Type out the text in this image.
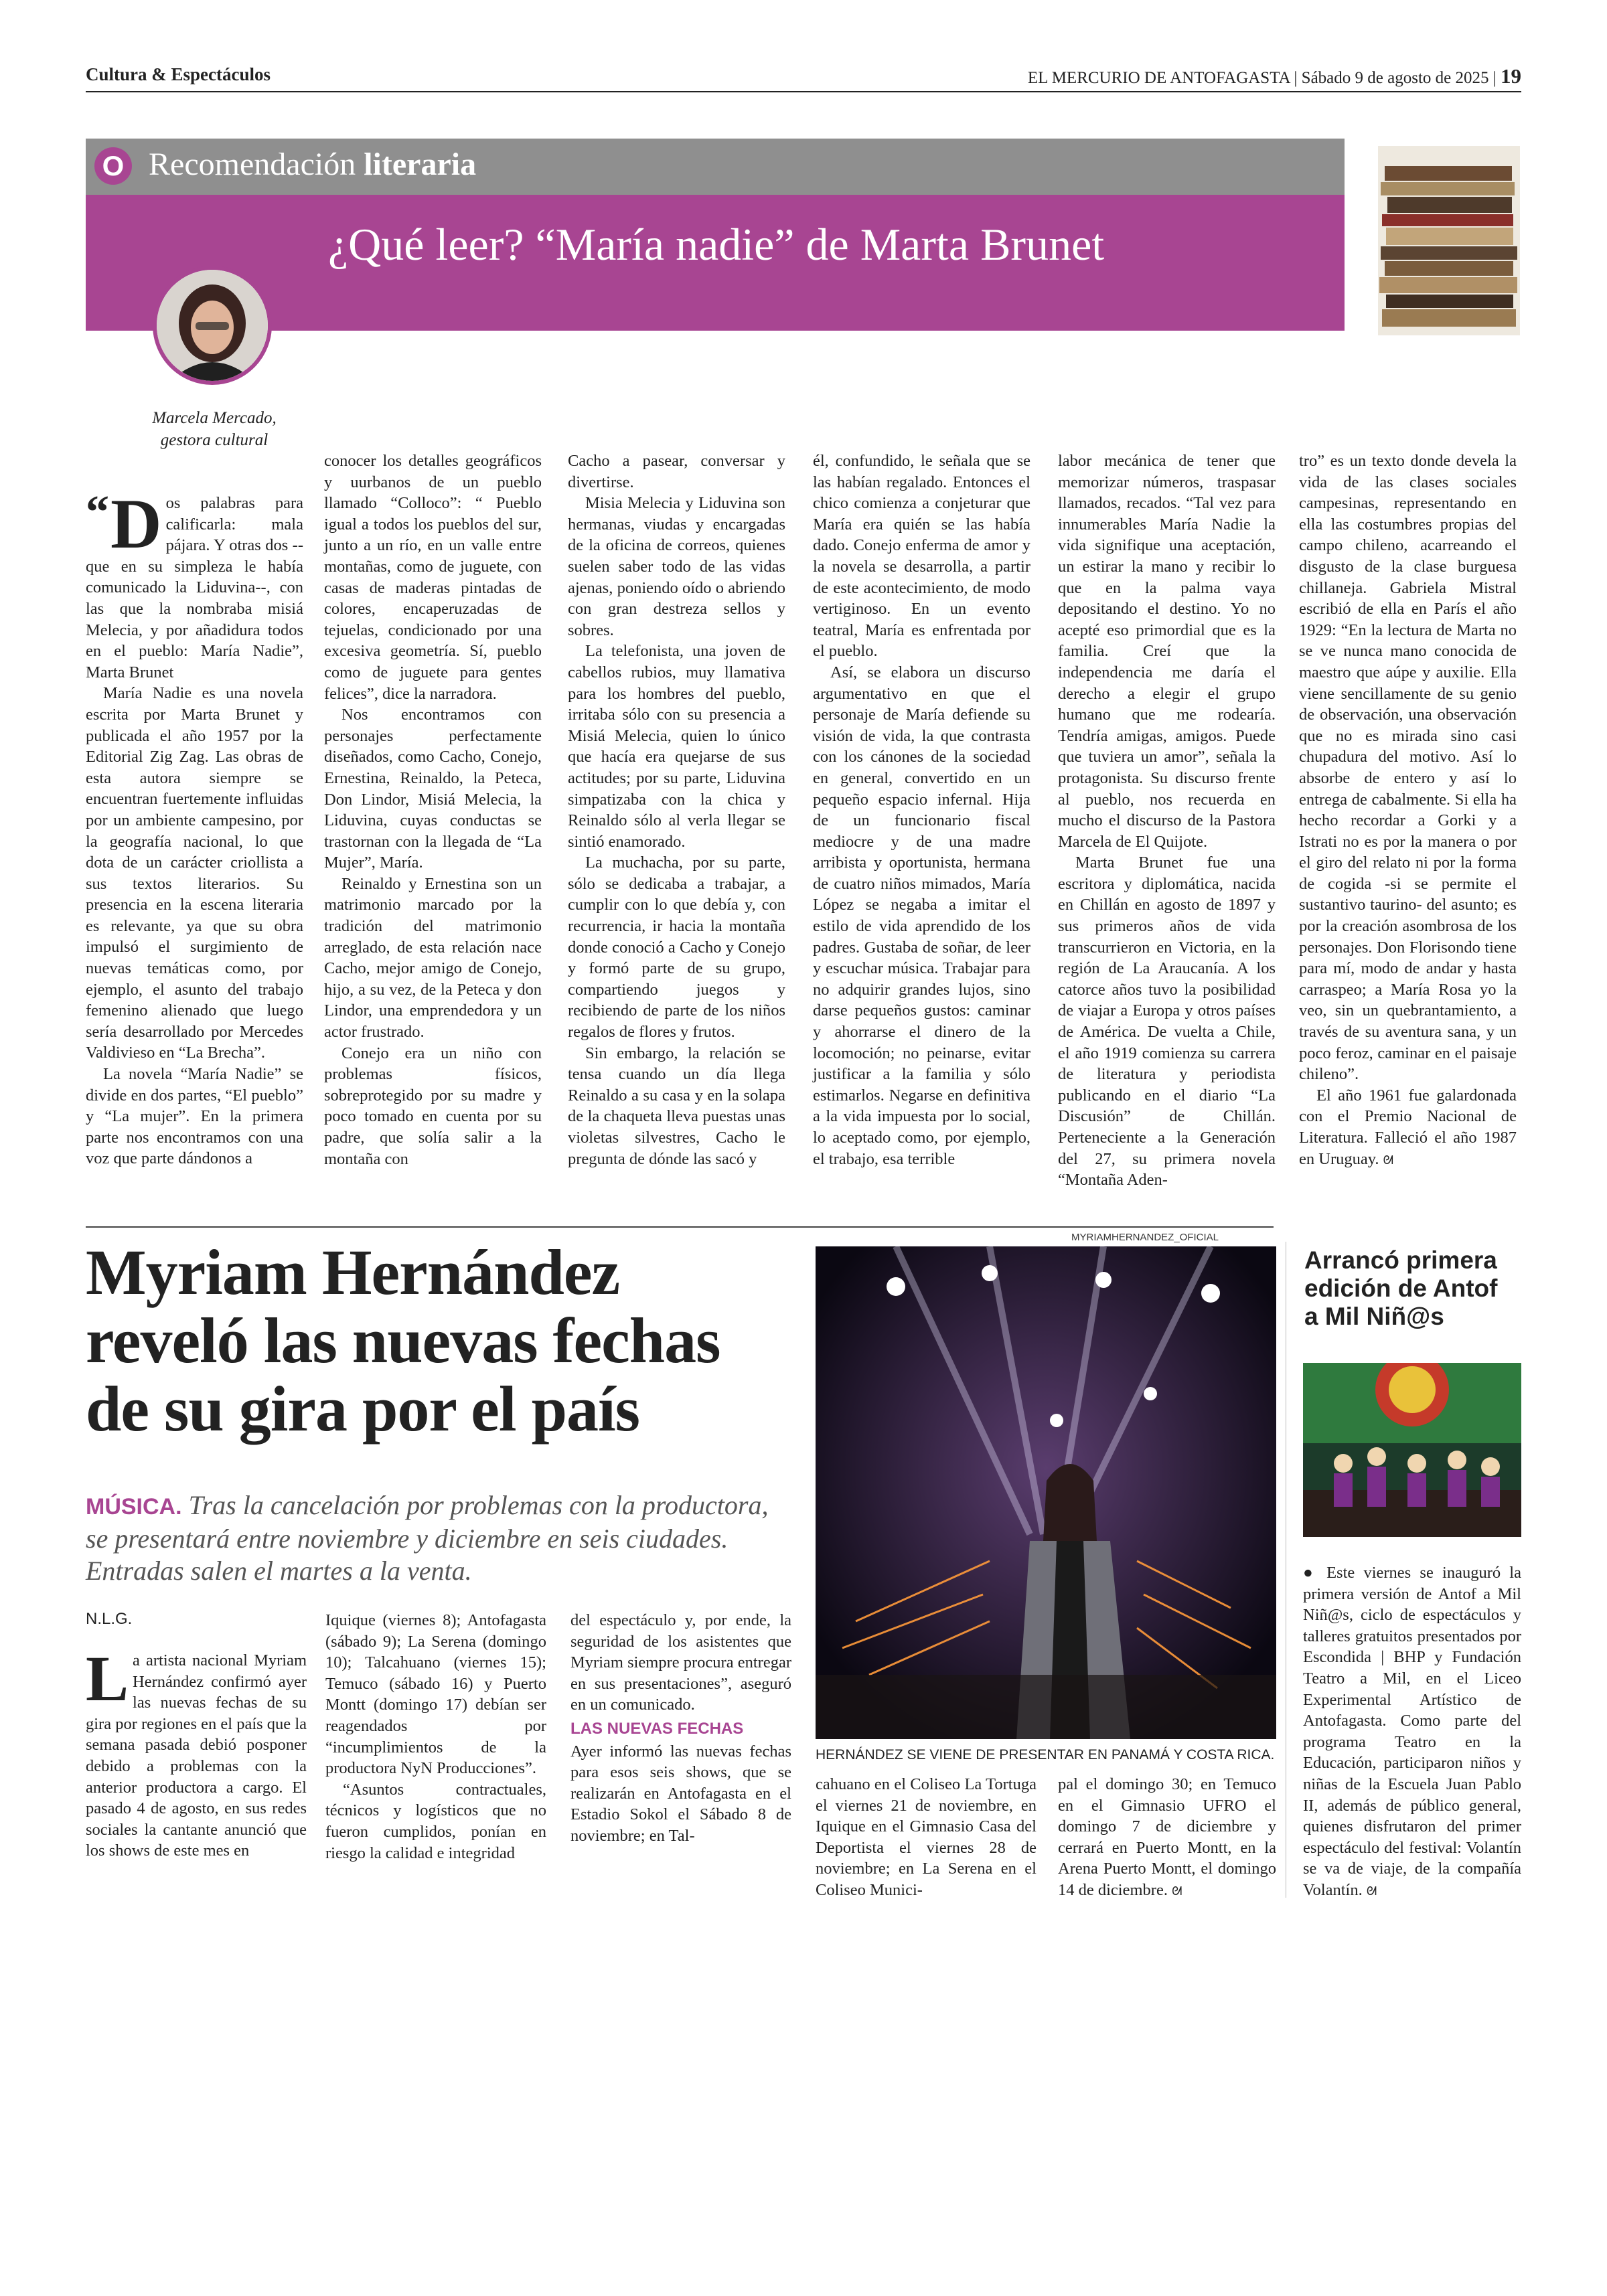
Cultura & Espectáculos	EL MERCURIO DE ANTOFAGASTA | Sábado 9 de agosto de 2025 | 19
O Recomendación literaria
¿Qué leer? “María nadie” de Marta Brunet
Marcela Mercado,
gestora cultural

“ D os palabras para calificarla: mala pájara. Y otras dos --que en su simpleza le había comunicado la Liduvina--, con las que la nombraba misiá Melecia, y por añadidura todos en el pueblo: María Nadie”, Marta Brunet

María Nadie es una novela escrita por Marta Brunet y publicada el año 1957 por la Editorial Zig Zag. Las obras de esta autora siempre se encuentran fuertemente influidas por un ambiente campesino, por la geografía nacional, lo que dota de un carácter criollista a sus textos literarios. Su presencia en la escena literaria es relevante, ya que su obra impulsó el surgimiento de nuevas temáticas como, por ejemplo, el asunto del trabajo femenino alienado que luego sería desarrollado por Mercedes Valdivieso en “La Brecha”.

La novela “María Nadie” se divide en dos partes, “El pueblo” y “La mujer”. En la primera parte nos encontramos con una voz que parte dándonos a

conocer los detalles geográficos y uurbanos de un pueblo llamado “Colloco”: “ Pueblo igual a todos los pueblos del sur, junto a un río, en un valle entre montañas, como de juguete, con casas de maderas pintadas de colores, encaperuzadas de tejuelas, condicionado por una excesiva geometría. Sí, pueblo como de juguete para gentes felices”, dice la narradora.

Nos encontramos con personajes perfectamente diseñados, como Cacho, Conejo, Ernestina, Reinaldo, la Peteca, Don Lindor, Misiá Melecia, la Liduvina, cuyas conductas se trastornan con la llegada de “La Mujer”, María.

Reinaldo y Ernestina son un matrimonio marcado por la tradición del matrimonio arreglado, de esta relación nace Cacho, mejor amigo de Conejo, hijo, a su vez, de la Peteca y don Lindor, una emprendedora y un actor frustrado.

Conejo era un niño con problemas físicos, sobreprotegido por su madre y poco tomado en cuenta por su padre, que solía salir a la montaña con

Cacho a pasear, conversar y divertirse.

Misia Melecia y Liduvina son hermanas, viudas y encargadas de la oficina de correos, quienes suelen saber todo de las vidas ajenas, poniendo oído o abriendo con gran destreza sellos y sobres.

La telefonista, una joven de cabellos rubios, muy llamativa para los hombres del pueblo, irritaba sólo con su presencia a Misiá Melecia, quien lo único que hacía era quejarse de sus actitudes; por su parte, Liduvina simpatizaba con la chica y Reinaldo sólo al verla llegar se sintió enamorado.

La muchacha, por su parte, sólo se dedicaba a trabajar, a cumplir con lo que debía y, con recurrencia, ir hacia la montaña donde conoció a Cacho y Conejo y formó parte de su grupo, compartiendo juegos y recibiendo de parte de los niños regalos de flores y frutos.

Sin embargo, la relación se tensa cuando un día llega Reinaldo a su casa y en la solapa de la chaqueta lleva puestas unas violetas silvestres, Cacho le pregunta de dónde las sacó y

él, confundido, le señala que se las habían regalado. Entonces el chico comienza a conjeturar que María era quién se las había dado. Conejo enferma de amor y la novela se desarrolla, a partir de este acontecimiento, de modo vertiginoso. En un evento teatral, María es enfrentada por el pueblo.

Así, se elabora un discurso argumentativo en que el personaje de María defiende su visión de vida, la que contrasta con los cánones de la sociedad en general, convertido en un pequeño espacio infernal. Hija de un funcionario fiscal mediocre y de una madre arribista y oportunista, hermana de cuatro niños mimados, María López se negaba a imitar el estilo de vida aprendido de los padres. Gustaba de soñar, de leer y escuchar música. Trabajar para no adquirir grandes lujos, sino darse pequeños gustos: caminar y ahorrarse el dinero de la locomoción; no peinarse, evitar justificar a la familia y sólo estimarlos. Negarse en definitiva a la vida impuesta por lo social, lo aceptado como, por ejemplo, el trabajo, esa terrible

labor mecánica de tener que memorizar números, traspasar llamados, recados. “Tal vez para innumerables María Nadie la vida signifique una aceptación, un estirar la mano y recibir lo que en la palma vaya depositando el destino. Yo no acepté eso primordial que es la familia. Creí que la independencia me daría el derecho a elegir el grupo humano que me rodearía. Tendría amigas, amigos. Puede que tuviera un amor”, señala la protagonista. Su discurso frente al pueblo, nos recuerda en mucho el discurso de la Pastora Marcela de El Quijote.

Marta Brunet fue una escritora y diplomática, nacida en Chillán en agosto de 1897 y sus primeros años de vida transcurrieron en Victoria, en la región de La Araucanía. A los catorce años tuvo la posibilidad de viajar a Europa y otros países de América. De vuelta a Chile, el año 1919 comienza su carrera de literatura y periodista publicando en el diario “La Discusión” de Chillán. Perteneciente a la Generación del 27, su primera novela “Montaña Aden-

tro” es un texto donde devela la vida de las clases sociales campesinas, representando en ella las costumbres propias del campo chileno, acarreando el disgusto de la clase burguesa chillaneja. Gabriela Mistral escribió de ella en París el año 1929: “En la lectura de Marta no se ve nunca mano conocida de maestro que aúpe y auxilie. Ella viene sencillamente de su genio de observación, una observación que no es mirada sino casi chupadura del motivo. Así lo absorbe de entero y así lo entrega de cabalmente. Si ella ha hecho recordar a Gorki y a Istrati no es por la manera o por el giro del relato ni por la forma de cogida -si se permite el sustantivo taurino- del asunto; es por la creación asombrosa de los personajes. Don Florisondo tiene para mí, modo de andar y hasta carraspeo; a María Rosa yo la veo, sin un quebrantamiento, a través de su aventura sana, y un poco feroz, caminar en el paisaje chileno”.

El año 1961 fue galardonada con el Premio Nacional de Literatura. Falleció el año 1987 en Uruguay. ᘛ

Myriam Hernández reveló las nuevas fechas de su gira por el país
MÚSICA. Tras la cancelación por problemas con la productora, se presentará entre noviembre y diciembre en seis ciudades. Entradas salen el martes a la venta.
N.L.G.

La artista nacional Myriam Hernández confirmó ayer las nuevas fechas de su gira por regiones en el país que la semana pasada debió posponer debido a problemas con la anterior productora a cargo. El pasado 4 de agosto, en sus redes sociales la cantante anunció que los shows de este mes en

Iquique (viernes 8); Antofagasta (sábado 9); La Serena (domingo 10); Talcahuano (viernes 15); Temuco (sábado 16) y Puerto Montt (domingo 17) debían ser reagendados por “incumplimientos de la productora NyN Producciones”.

“Asuntos contractuales, técnicos y logísticos que no fueron cumplidos, ponían en riesgo la calidad e integridad

del espectáculo y, por ende, la seguridad de los asistentes que Myriam siempre procura entregar en sus presentaciones”, aseguró en un comunicado.

LAS NUEVAS FECHAS

Ayer informó las nuevas fechas para esos seis shows, que se realizarán en Antofagasta en el Estadio Sokol el Sábado 8 de noviembre; en Tal-

MYRIAMHERNANDEZ_OFICIAL
HERNÁNDEZ SE VIENE DE PRESENTAR EN PANAMÁ Y COSTA RICA.

cahuano en el Coliseo La Tortuga el viernes 21 de noviembre, en Iquique en el Gimnasio Casa del Deportista el viernes 28 de noviembre; en La Serena en el Coliseo Munici-

pal el domingo 30; en Temuco en el Gimnasio UFRO el domingo 7 de diciembre y cerrará en Puerto Montt, en la Arena Puerto Montt, el domingo 14 de diciembre. ᘛ

Arrancó primera edición de Antof a Mil Niñ@s

● Este viernes se inauguró la primera versión de Antof a Mil Niñ@s, ciclo de espectáculos y talleres gratuitos presentados por Escondida | BHP y Fundación Teatro a Mil, en el Liceo Experimental Artístico de Antofagasta. Como parte del programa Teatro en la Educación, participaron niños y niñas de la Escuela Juan Pablo II, además de público general, quienes disfrutaron del primer espectáculo del festival: Volantín se va de viaje, de la compañía Volantín. ᘛ
